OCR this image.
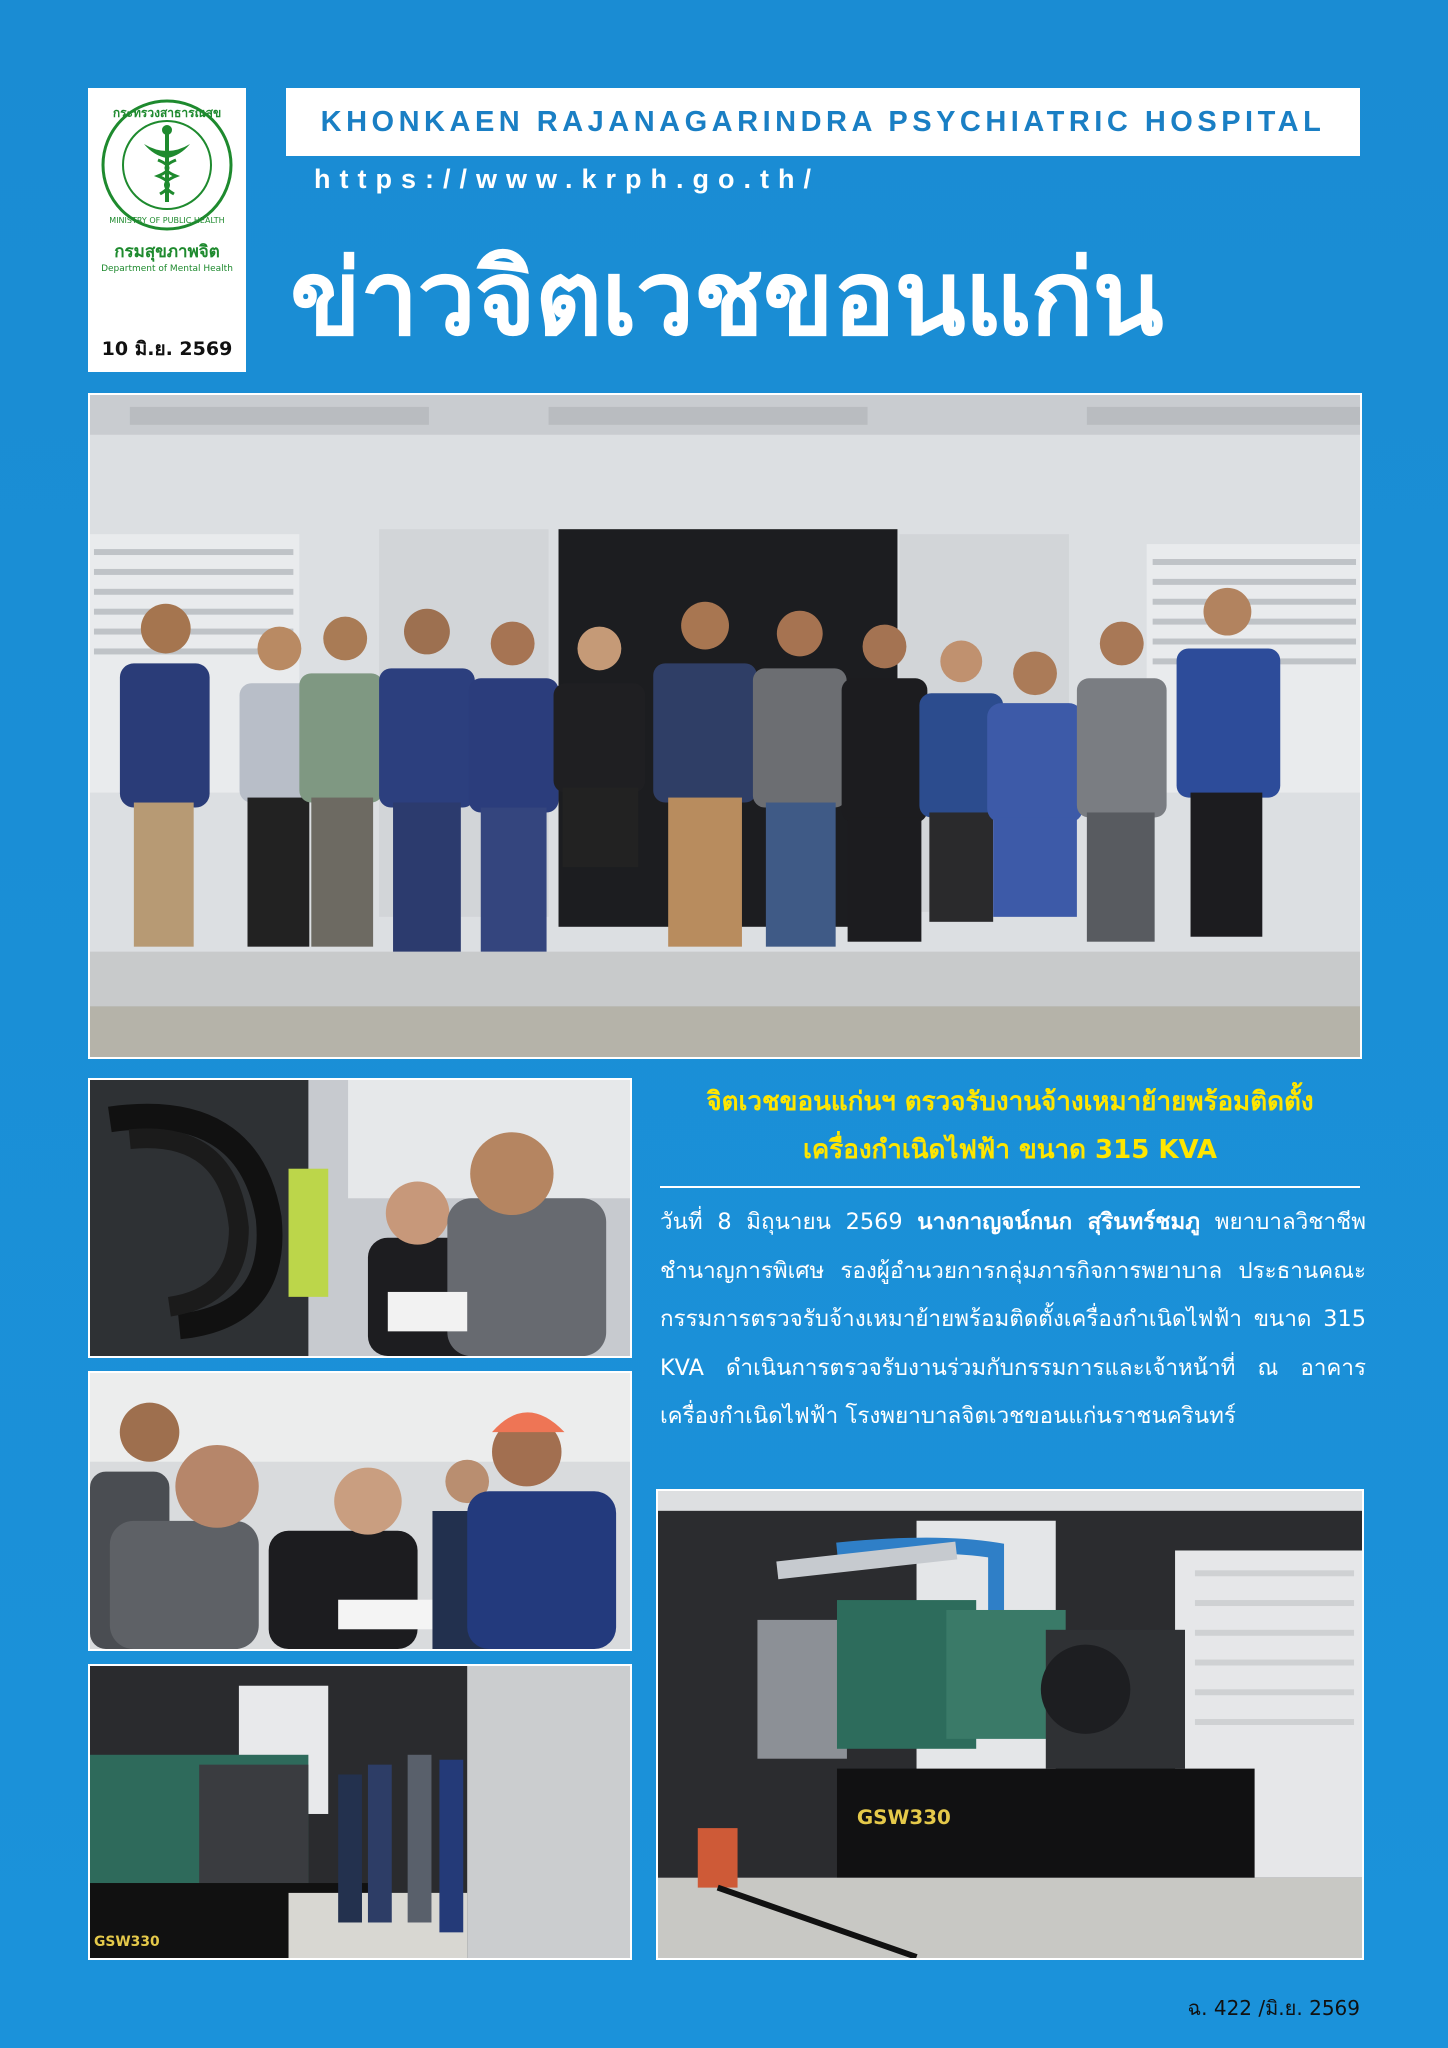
กระทรวงสาธารณสุข
MINISTRY OF PUBLIC HEALTH
กรมสุขภาพจิต
Department of Mental Health
10 มิ.ย. 2569
KHONKAEN RAJANAGARINDRA PSYCHIATRIC HOSPITAL
https://www.krph.go.th/
ข่าวจิตเวชขอนแก่น
GSW330
GSW330
จิตเวชขอนแก่นฯ ตรวจรับงานจ้างเหมาย้ายพร้อมติดตั้ง
เครื่องกำเนิดไฟฟ้า ขนาด 315 KVA
วันที่ 8 มิถุนายน 2569 นางกาญจน์กนก สุรินทร์ชมภู พยาบาลวิชาชีพชำนาญการพิเศษ รองผู้อำนวยการกลุ่มภารกิจการพยาบาล ประธานคณะกรรมการตรวจรับจ้างเหมาย้ายพร้อมติดตั้งเครื่องกำเนิดไฟฟ้า ขนาด 315 KVA ดำเนินการตรวจรับงานร่วมกับกรรมการและเจ้าหน้าที่ ณ อาคารเครื่องกำเนิดไฟฟ้า โรงพยาบาลจิตเวชขอนแก่นราชนครินทร์
ฉ. 422 /มิ.ย. 2569
